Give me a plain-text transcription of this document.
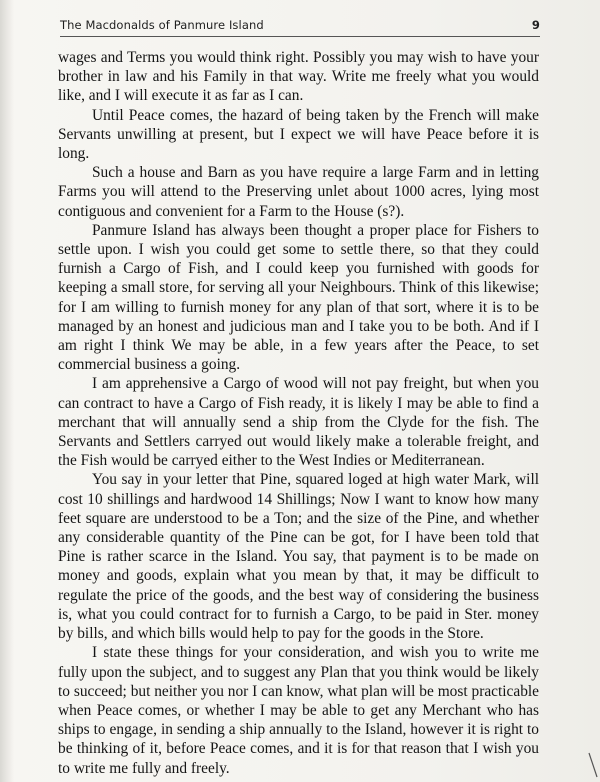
The Macdonalds of Panmure Island	9

wages and Terms you would think right. Possibly you may wish to have your brother in law and his Family in that way. Write me freely what you would like, and I will execute it as far as I can.

Until Peace comes, the hazard of being taken by the French will make Servants unwilling at present, but I expect we will have Peace before it is long.

Such a house and Barn as you have require a large Farm and in letting Farms you will attend to the Preserving unlet about 1000 acres, lying most contiguous and convenient for a Farm to the House (s?).

Panmure Island has always been thought a proper place for Fishers to settle upon. I wish you could get some to settle there, so that they could furnish a Cargo of Fish, and I could keep you furnished with goods for keeping a small store, for serving all your Neighbours. Think of this likewise; for I am willing to furnish money for any plan of that sort, where it is to be managed by an honest and judicious man and I take you to be both. And if I am right I think We may be able, in a few years after the Peace, to set commercial business a going.

I am apprehensive a Cargo of wood will not pay freight, but when you can contract to have a Cargo of Fish ready, it is likely I may be able to find a merchant that will annually send a ship from the Clyde for the fish. The Servants and Settlers carryed out would likely make a tolerable freight, and the Fish would be carryed either to the West Indies or Mediterranean.

You say in your letter that Pine, squared loged at high water Mark, will cost 10 shillings and hardwood 14 Shillings; Now I want to know how many feet square are understood to be a Ton; and the size of the Pine, and whether any considerable quantity of the Pine can be got, for I have been told that Pine is rather scarce in the Island. You say, that payment is to be made on money and goods, explain what you mean by that, it may be difficult to regulate the price of the goods, and the best way of considering the business is, what you could contract for to furnish a Cargo, to be paid in Ster. money by bills, and which bills would help to pay for the goods in the Store.

I state these things for your consideration, and wish you to write me fully upon the subject, and to suggest any Plan that you think would be likely to succeed; but neither you nor I can know, what plan will be most practicable when Peace comes, or whether I may be able to get any Merchant who has ships to engage, in sending a ship annually to the Island, however it is right to be thinking of it, before Peace comes, and it is for that reason that I wish you to write me fully and freely.
